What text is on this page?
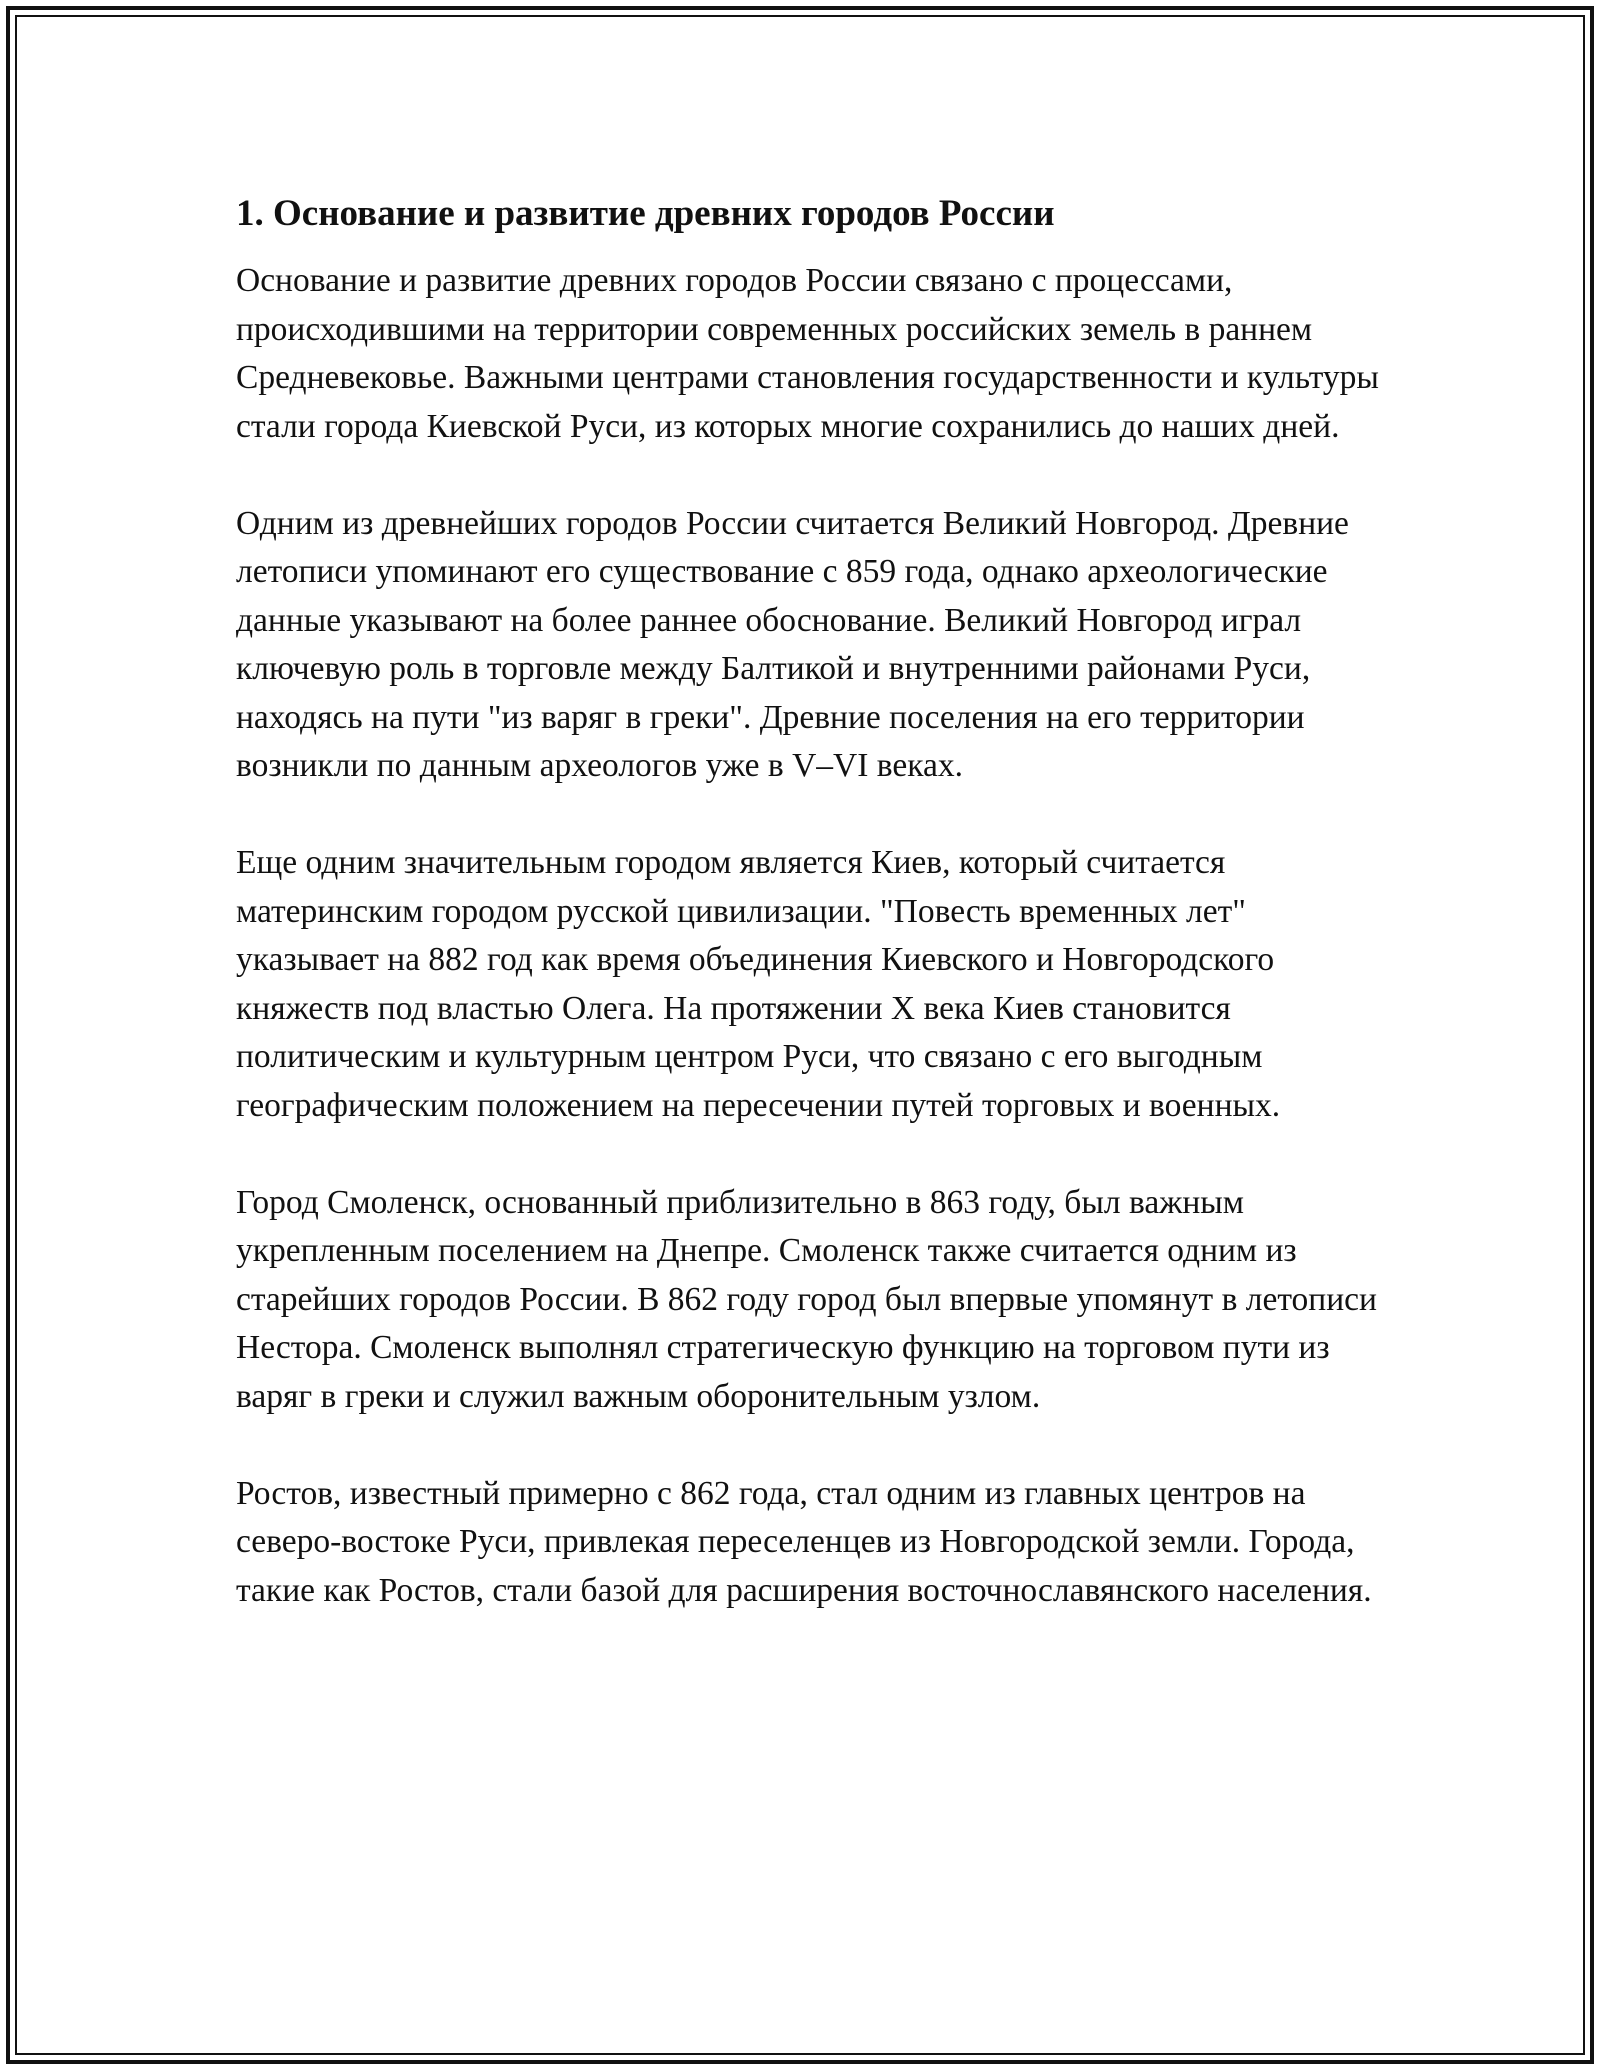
1. Основание и развитие древних городов России

Основание и развитие древних городов России связано с процессами, происходившими на территории современных российских земель в раннем Средневековье. Важными центрами становления государственности и культуры стали города Киевской Руси, из которых многие сохранились до наших дней.

Одним из древнейших городов России считается Великий Новгород. Древние летописи упоминают его существование с 859 года, однако археологические данные указывают на более раннее обоснование. Великий Новгород играл ключевую роль в торговле между Балтикой и внутренними районами Руси, находясь на пути "из варяг в греки". Древние поселения на его территории возникли по данным археологов уже в V–VI веках.

Еще одним значительным городом является Киев, который считается материнским городом русской цивилизации. "Повесть временных лет" указывает на 882 год как время объединения Киевского и Новгородского княжеств под властью Олега. На протяжении X века Киев становится политическим и культурным центром Руси, что связано с его выгодным географическим положением на пересечении путей торговых и военных.

Город Смоленск, основанный приблизительно в 863 году, был важным укрепленным поселением на Днепре. Смоленск также считается одним из старейших городов России. В 862 году город был впервые упомянут в летописи Нестора. Смоленск выполнял стратегическую функцию на торговом пути из варяг в греки и служил важным оборонительным узлом.

Ростов, известный примерно с 862 года, стал одним из главных центров на северо-востоке Руси, привлекая переселенцев из Новгородской земли. Города, такие как Ростов, стали базой для расширения восточнославянского населения.
